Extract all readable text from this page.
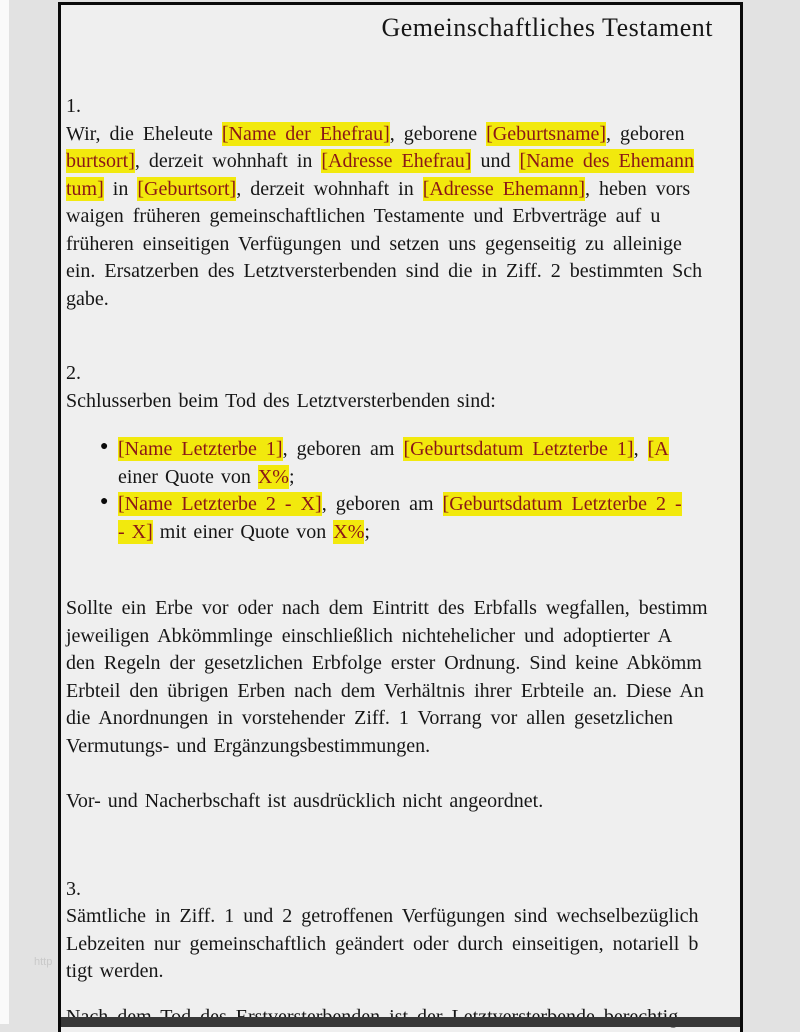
http
Gemeinschaftliches Testament
1.
Wir, die Eheleute [Name der Ehefrau], geborene [Geburtsname], geboren
burtsort], derzeit wohnhaft in [Adresse Ehefrau] und [Name des Ehemann
tum] in [Geburtsort], derzeit wohnhaft in [Adresse Ehemann], heben vors
waigen früheren gemeinschaftlichen Testamente und Erbverträge auf u
früheren einseitigen Verfügungen und setzen uns gegenseitig zu alleinige
ein. Ersatzerben des Letztversterbenden sind die in Ziff. 2 bestimmten Sch
gabe.
2.
Schlusserben beim Tod des Letztversterbenden sind:
● [Name Letzterbe 1], geboren am [Geburtsdatum Letzterbe 1], [A
einer Quote von X%;
● [Name Letzterbe 2 - X], geboren am [Geburtsdatum Letzterbe 2 -
- X] mit einer Quote von X%;
Sollte ein Erbe vor oder nach dem Eintritt des Erbfalls wegfallen, bestimm
jeweiligen Abkömmlinge einschließlich nichtehelicher und adoptierter A
den Regeln der gesetzlichen Erbfolge erster Ordnung. Sind keine Abkömm
Erbteil den übrigen Erben nach dem Verhältnis ihrer Erbteile an. Diese An
die Anordnungen in vorstehender Ziff. 1 Vorrang vor allen gesetzlichen
Vermutungs- und Ergänzungsbestimmungen.
Vor- und Nacherbschaft ist ausdrücklich nicht angeordnet.
3.
Sämtliche in Ziff. 1 und 2 getroffenen Verfügungen sind wechselbezüglich
Lebzeiten nur gemeinschaftlich geändert oder durch einseitigen, notariell b
tigt werden.
